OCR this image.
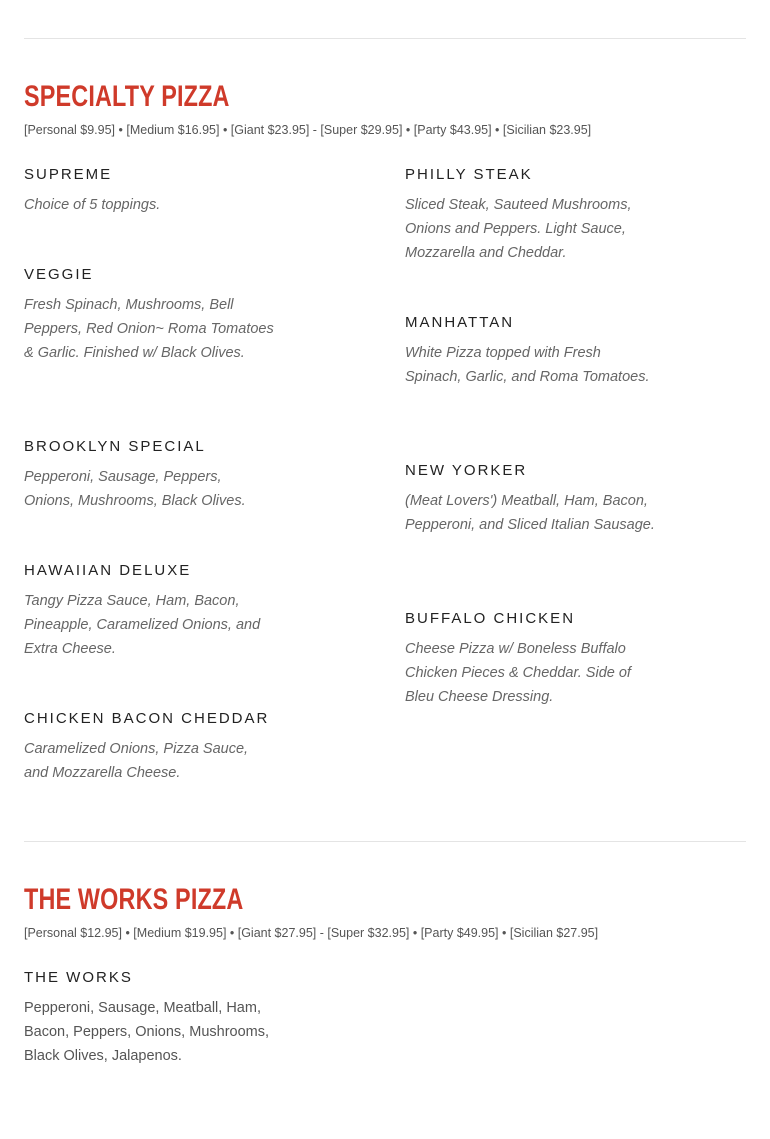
SPECIALTY PIZZA
[Personal $9.95] • [Medium $16.95] • [Giant $23.95] - [Super $29.95] • [Party $43.95] • [Sicilian $23.95]
SUPREME

Choice of 5 toppings.

VEGGIE

Fresh Spinach, Mushrooms, Bell Peppers, Red Onion~ Roma Tomatoes & Garlic. Finished w/ Black Olives.

BROOKLYN SPECIAL

Pepperoni, Sausage, Peppers, Onions, Mushrooms, Black Olives.

HAWAIIAN DELUXE

Tangy Pizza Sauce, Ham, Bacon, Pineapple, Caramelized Onions, and Extra Cheese.

CHICKEN BACON CHEDDAR

Caramelized Onions, Pizza Sauce, and Mozzarella Cheese.

PHILLY STEAK

Sliced Steak, Sauteed Mushrooms, Onions and Peppers. Light Sauce, Mozzarella and Cheddar.

MANHATTAN

White Pizza topped with Fresh Spinach, Garlic, and Roma Tomatoes.

NEW YORKER

(Meat Lovers') Meatball, Ham, Bacon, Pepperoni, and Sliced Italian Sausage.

BUFFALO CHICKEN

Cheese Pizza w/ Boneless Buffalo Chicken Pieces & Cheddar. Side of Bleu Cheese Dressing.

THE WORKS PIZZA
[Personal $12.95] • [Medium $19.95] • [Giant $27.95] - [Super $32.95] • [Party $49.95] • [Sicilian $27.95]
THE WORKS

Pepperoni, Sausage, Meatball, Ham, Bacon, Peppers, Onions, Mushrooms, Black Olives, Jalapenos.
